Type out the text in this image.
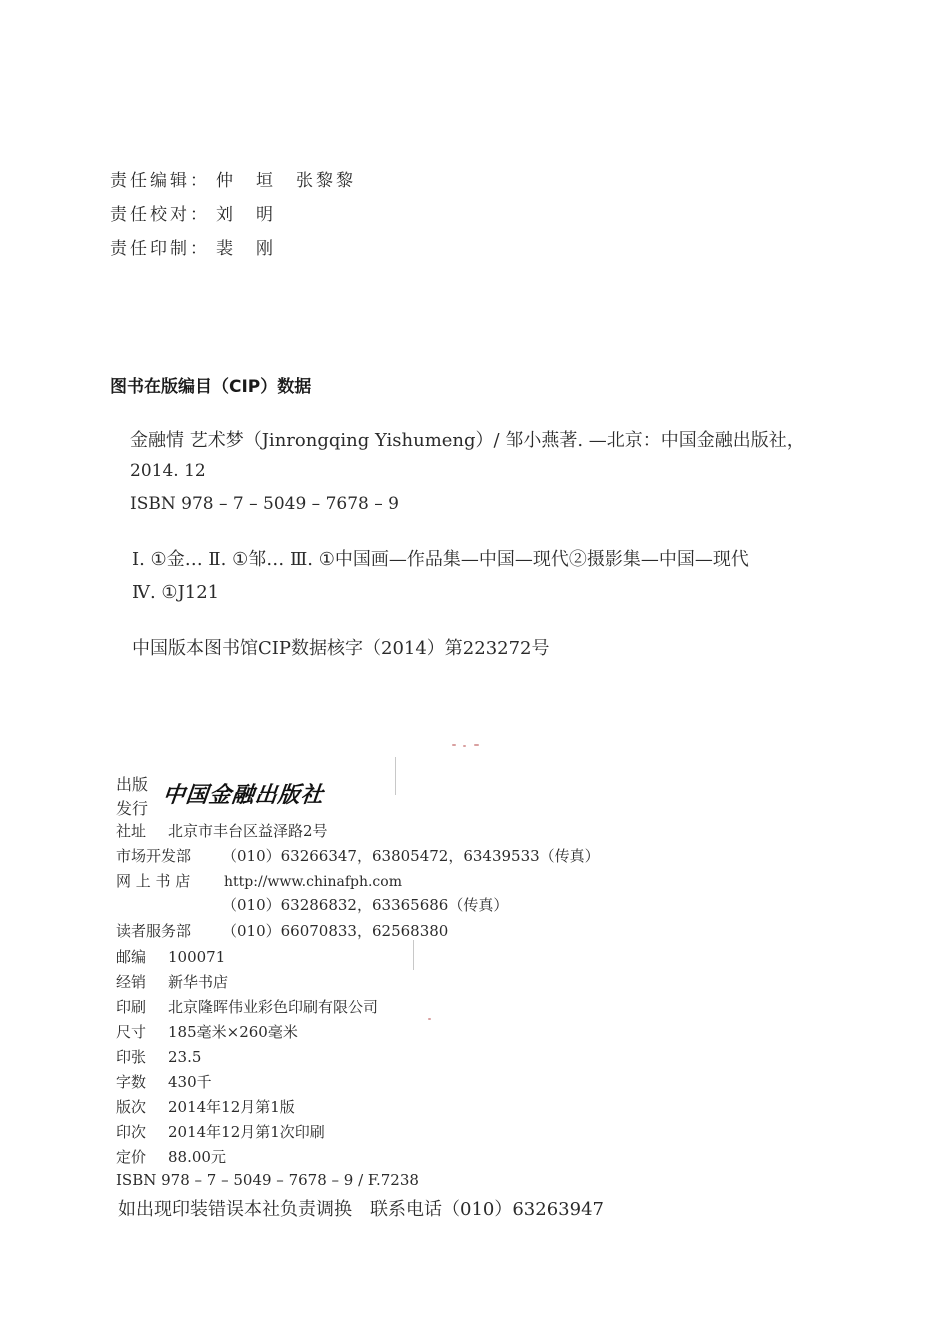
责任编辑： 仲　垣　张黎黎
责任校对： 刘　明
责任印制： 裴　刚
图书在版编目（CIP）数据
金融情 艺术梦（Jinrongqing Yishumeng）/ 邹小燕著. —北京：中国金融出版社，
2014. 12
ISBN 978 – 7 – 5049 – 7678 – 9
Ⅰ. ①金… Ⅱ. ①邹… Ⅲ. ①中国画—作品集—中国—现代②摄影集—中国—现代
Ⅳ. ①J121
中国版本图书馆CIP数据核字（2014）第223272号
出版
发行
中国金融出版社
社址 北京市丰台区益泽路2号
市场开发部 （010）63266347，63805472，63439533（传真）
网 上 书 店 http://www.chinafph.com
（010）63286832，63365686（传真）
读者服务部 （010）66070833，62568380
邮编 100071
经销 新华书店
印刷 北京隆晖伟业彩色印刷有限公司
尺寸 185毫米×260毫米
印张 23.5
字数 430千
版次 2014年12月第1版
印次 2014年12月第1次印刷
定价 88.00元
ISBN 978 – 7 – 5049 – 7678 – 9 / F.7238
如出现印装错误本社负责调换　联系电话（010）63263947
